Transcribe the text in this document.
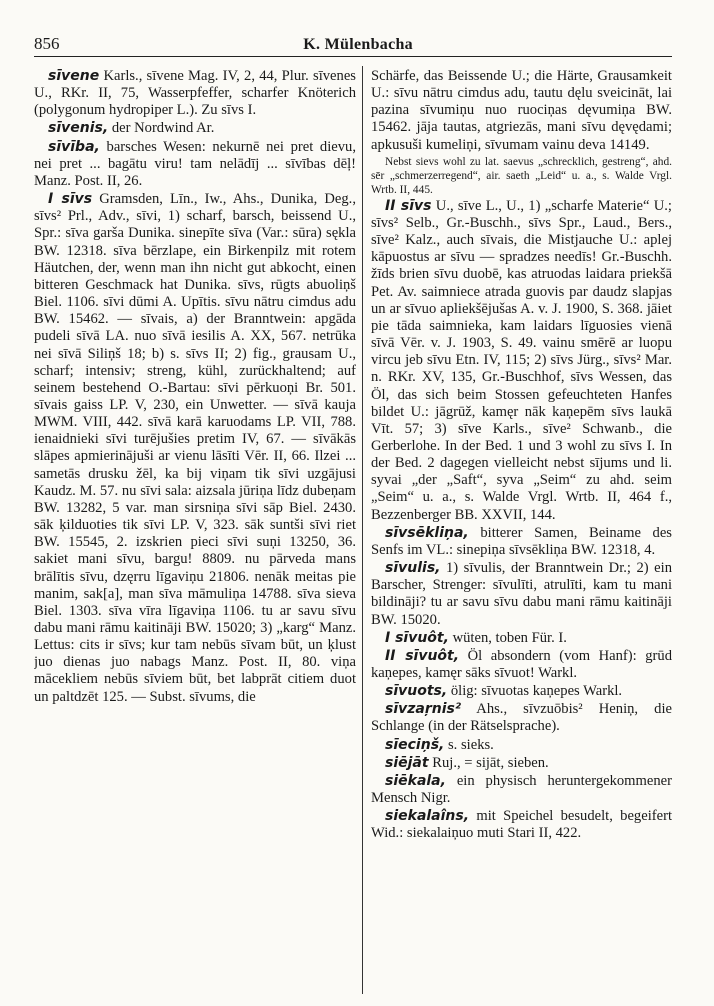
856	K. Mülenbacha

sīvene Karls., sīvene Mag. IV, 2, 44, Plur. sīvenes U., RKr. II, 75, Wasserpfeffer, scharfer Knöterich (polygonum hydropiper L.). Zu sīvs I.

sīvenis, der Nordwind Ar.

sīvība, barsches Wesen: nekurnē nei pret dievu, nei pret ... bagātu viru! tam nelādīj ... sīvības dēļ! Manz. Post. II, 26.

I sīvs Gramsden, Līn., Iw., Ahs., Dunika, Deg., sīvs² Prl., Adv., sīvi, 1) scharf, barsch, beissend U., Spr.: sīva garša Dunika. sinepīte sīva (Var.: sūra) sękla BW. 12318. sīva bērzlape, ein Birkenpilz mit rotem Häutchen, der, wenn man ihn nicht gut abkocht, einen bitteren Geschmack hat Dunika. sīvs, rūgts abuoliņš Biel. 1106. sīvi dūmi A. Upītis. sīvu nātru cimdus adu BW. 15462. — sīvais, a) der Branntwein: apgāda pudeli sīvā LA. nuo sīvā iesilis A. XX, 567. netrūka nei sīvā Siliņš 18; b) s. sīvs II; 2) fig., grausam U., scharf; intensiv; streng, kühl, zurückhaltend; auf seinem bestehend O.-Bartau: sīvi pērkuoņi Br. 501. sīvais gaiss LP. V, 230, ein Unwetter. — sīvā kauja MWM. VIII, 442. sīvā karā karuodams LP. VII, 788. ienaidnieki sīvi turējušies pretim IV, 67. — sīvākās slāpes apmierinājuši ar vienu lāsīti Vēr. II, 66. Ilzei ... sametās drusku žēl, ka bij viņam tik sīvi uzgājusi Kaudz. M. 57. nu sīvi sala: aizsala jūriņa līdz dubeņam BW. 13282, 5 var. man sirsniņa sīvi sāp Biel. 2430. sāk ķilduoties tik sīvi LP. V, 323. sāk suntši sīvi riet BW. 15545, 2. izskrien pieci sīvi suņi 13250, 36. sakiet mani sīvu, bargu! 8809. nu pārveda mans brālītis sīvu, dzęrru līgaviņu 21806. nenāk meitas pie manim, sak[a], man sīva māmuliņa 14788. sīva sieva Biel. 1303. sīva vīra līgaviņa 1106. tu ar savu sīvu dabu mani rāmu kaitināji BW. 15020; 3) „karg“ Manz. Lettus: cits ir sīvs; kur tam nebūs sīvam būt, un ķlust juo dienas juo nabags Manz. Post. II, 80. viņa mācekliem nebūs sīviem būt, bet labprāt citiem duot un paltdzēt 125. — Subst. sīvums, die

Schärfe, das Beissende U.; die Härte, Grausamkeit U.: sīvu nātru cimdus adu, tautu dęlu sveicināt, lai pazina sīvumiņu nuo ruociņas dęvumiņa BW. 15462. jāja tautas, atgriezās, mani sīvu dęvędami; apkusuši kumeliņi, sīvumam vainu deva 14149.

Nebst sievs wohl zu lat. saevus „schrecklich, gestreng“, ahd. sēr „schmerzerregend“, air. saeth „Leid“ u. a., s. Walde Vrgl. Wrtb. II, 445.

II sīvs U., sīve L., U., 1) „scharfe Materie“ U.; sīvs² Selb., Gr.-Buschh., sīvs Spr., Laud., Bers., sīve² Kalz., auch sīvais, die Mistjauche U.: aplej kāpuostus ar sīvu — spradzes needīs! Gr.-Buschh. žīds brien sīvu duobē, kas atruodas laidara priekšā Pet. Av. saimniece atrada guovis par daudz slapjas un ar sīvuo apliekšējušas A. v. J. 1900, S. 368. jāiet pie tāda saimnieka, kam laidars līguosies vienā sīvā Vēr. v. J. 1903, S. 49. vainu smērē ar luopu vircu jeb sīvu Etn. IV, 115; 2) sīvs Jürg., sīvs² Mar. n. RKr. XV, 135, Gr.-Buschhof, sīvs Wessen, das Öl, das sich beim Stossen gefeuchteten Hanfes bildet U.: jāgrūž, kamęr nāk kaņepēm sīvs laukā Vīt. 57; 3) sīve Karls., sīve² Schwanb., die Gerberlohe. In der Bed. 1 und 3 wohl zu sīvs I. In der Bed. 2 dagegen vielleicht nebst sījums und li. syvai „der „Saft“, syva „Seim“ zu ahd. seim „Seim“ u. a., s. Walde Vrgl. Wrtb. II, 464 f., Bezzenberger BB. XXVII, 144.

sīvsēkliņa, bitterer Samen, Beiname des Senfs im VL.: sinepiņa sīvsēkliņa BW. 12318, 4.

sīvulis, 1) sīvulis, der Branntwein Dr.; 2) ein Barscher, Strenger: sīvulīti, atrulīti, kam tu mani bildināji? tu ar savu sīvu dabu mani rāmu kaitināji BW. 15020.

I sīvuôt, wüten, toben Für. I.

II sīvuôt, Öl absondern (vom Hanf): grūd kaņepes, kamęr sāks sīvuot! Warkl.

sīvuots, ölig: sīvuotas kaņepes Warkl.

sīvzaŗnis² Ahs., sīvzuōbis² Heniņ, die Schlange (in der Rätselsprache).

sīeciņš, s. sieks.

siējāt Ruj., = sijāt, sieben.

siēkala, ein physisch heruntergekommener Mensch Nigr.

siekalaîns, mit Speichel besudelt, begeifert Wid.: siekalaiņuo muti Stari II, 422.
